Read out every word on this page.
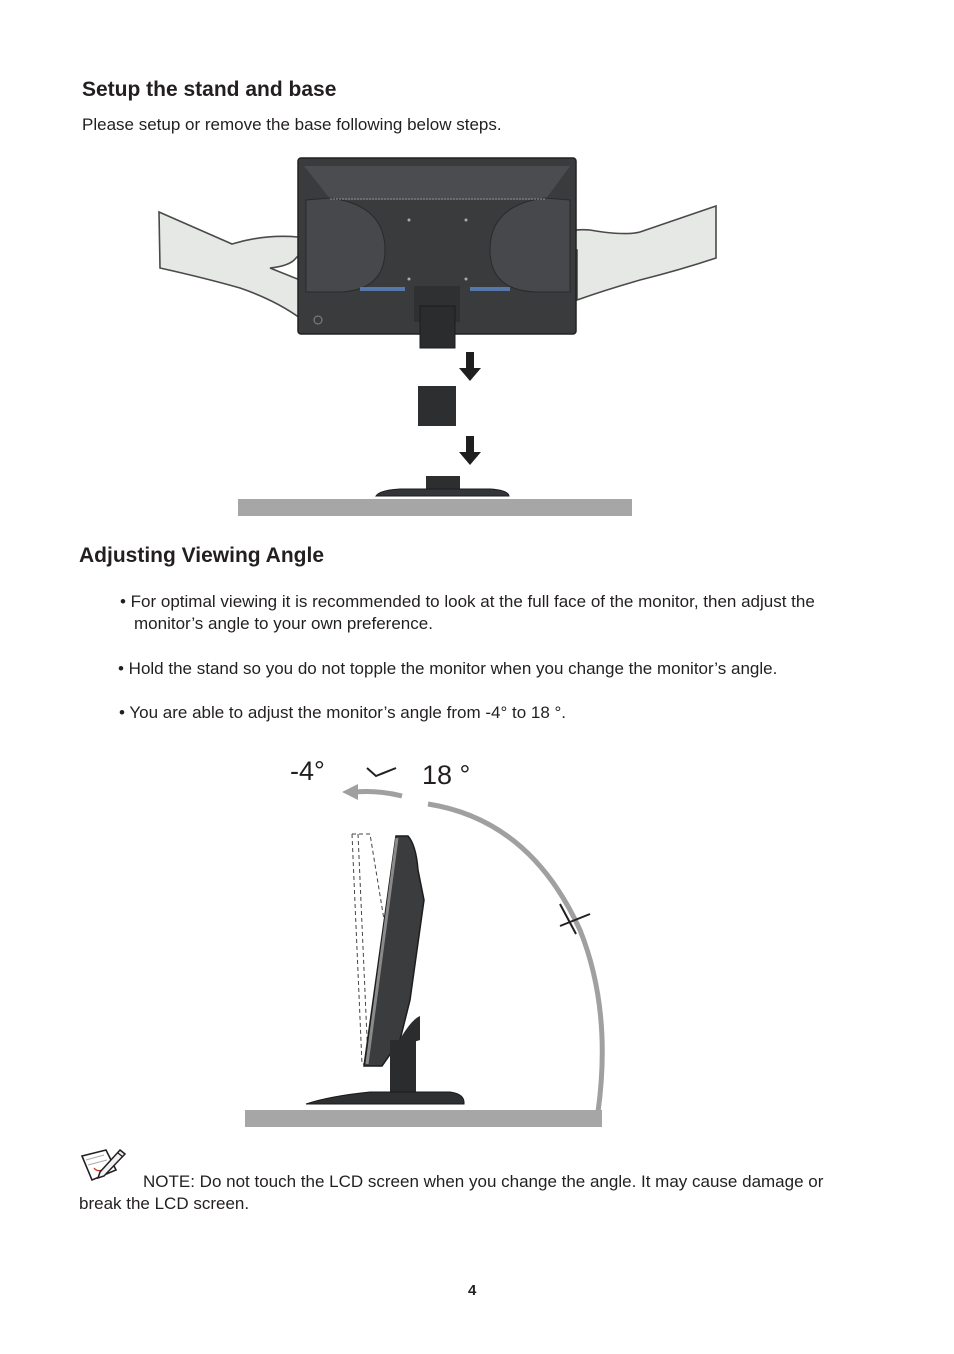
Setup the stand and base
Please setup or remove the base following below steps.
Adjusting Viewing Angle
• For optimal viewing it is recommended to look at the full face of the monitor, then adjust the
monitor’s angle to your own preference.
• Hold the stand so you do not topple the monitor when you change the monitor’s angle.
• You are able to adjust the monitor’s angle from -4° to 18 °.
-4°	18 °
NOTE: Do not touch the LCD screen when you change the angle. It may cause damage or
break the LCD screen.
4
